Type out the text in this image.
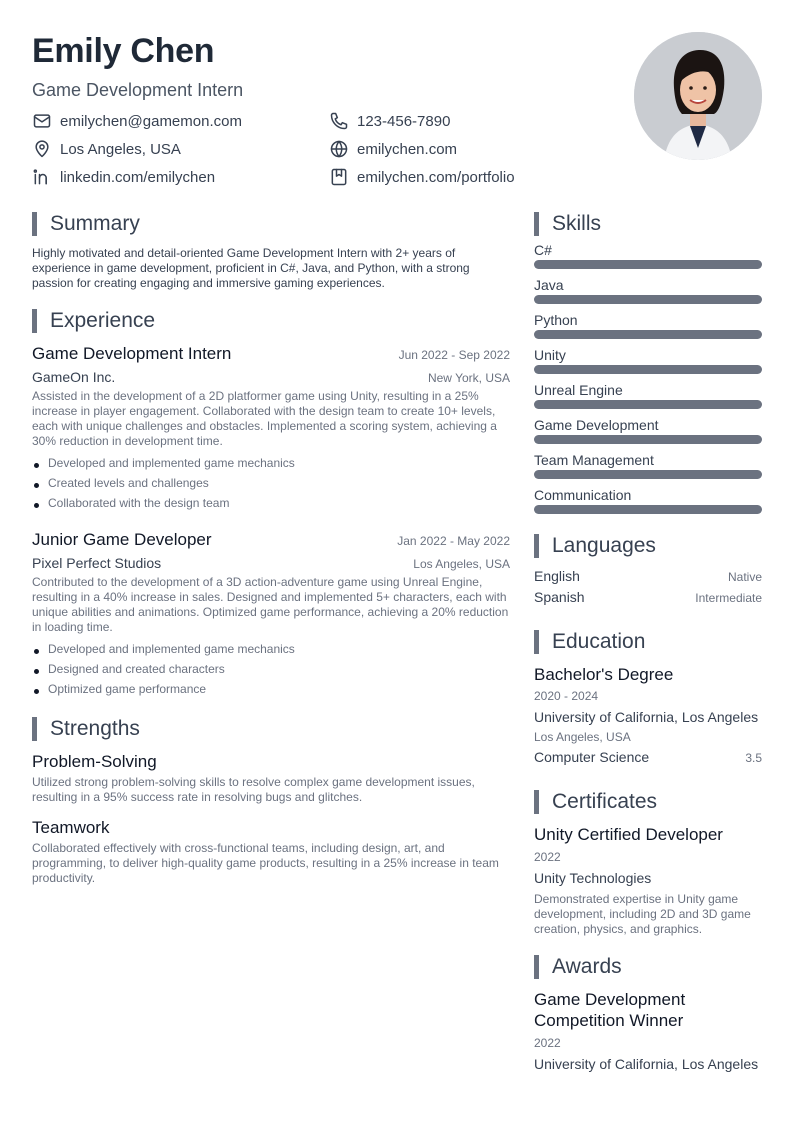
Emily Chen
Game Development Intern
emilychen@gamemon.com	123-456-7890
Los Angeles, USA	emilychen.com
linkedin.com/emilychen	emilychen.com/portfolio
Summary
Highly motivated and detail-oriented Game Development Intern with 2+ years of experience in game development, proficient in C#, Java, and Python, with a strong passion for creating engaging and immersive gaming experiences.
Experience
Game Development Intern	Jun 2022 - Sep 2022
GameOn Inc.	New York, USA
Assisted in the development of a 2D platformer game using Unity, resulting in a 25% increase in player engagement. Collaborated with the design team to create 10+ levels, each with unique challenges and obstacles. Implemented a scoring system, achieving a 30% reduction in development time.
Developed and implemented game mechanics
Created levels and challenges
Collaborated with the design team
Junior Game Developer	Jan 2022 - May 2022
Pixel Perfect Studios	Los Angeles, USA
Contributed to the development of a 3D action-adventure game using Unreal Engine, resulting in a 40% increase in sales. Designed and implemented 5+ characters, each with unique abilities and animations. Optimized game performance, achieving a 20% reduction in loading time.
Developed and implemented game mechanics
Designed and created characters
Optimized game performance
Strengths
Problem-Solving
Utilized strong problem-solving skills to resolve complex game development issues, resulting in a 95% success rate in resolving bugs and glitches.
Teamwork
Collaborated effectively with cross-functional teams, including design, art, and programming, to deliver high-quality game products, resulting in a 25% increase in team productivity.
Skills
C#
Java
Python
Unity
Unreal Engine
Game Development
Team Management
Communication
Languages
English	Native
Spanish	Intermediate
Education
Bachelor's Degree
2020 - 2024
University of California, Los Angeles
Los Angeles, USA
Computer Science	3.5
Certificates
Unity Certified Developer
2022
Unity Technologies
Demonstrated expertise in Unity game development, including 2D and 3D game creation, physics, and graphics.
Awards
Game Development Competition Winner
2022
University of California, Los Angeles
